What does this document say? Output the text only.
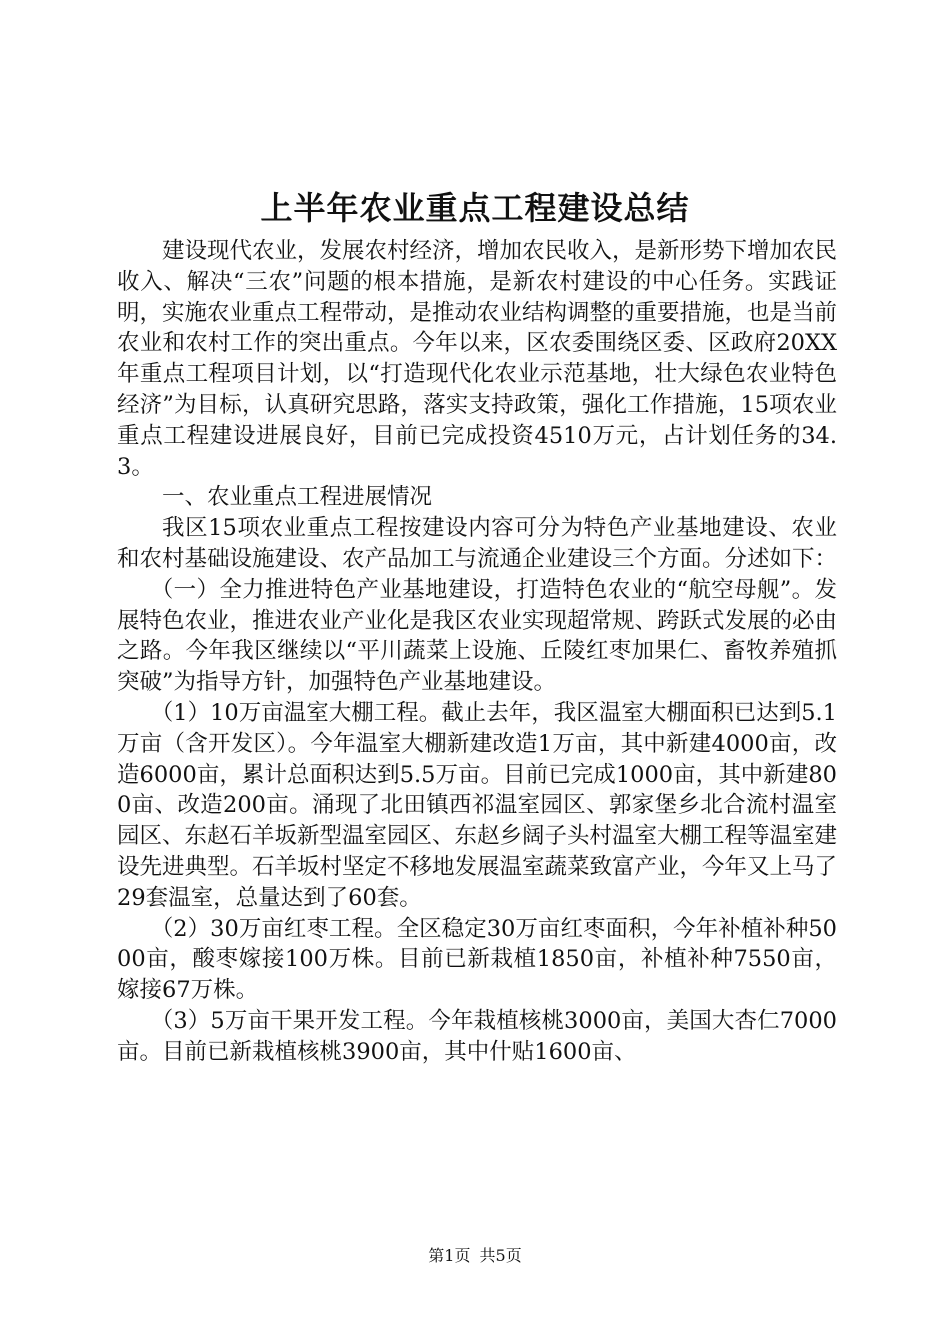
上半年农业重点工程建设总结

建设现代农业，发展农村经济，增加农民收入，是新形势下增加农民收入、解决“三农”问题的根本措施，是新农村建设的中心任务。实践证明，实施农业重点工程带动，是推动农业结构调整的重要措施，也是当前农业和农村工作的突出重点。今年以来，区农委围绕区委、区政府20XX年重点工程项目计划，以“打造现代化农业示范基地，壮大绿色农业特色经济”为目标，认真研究思路，落实支持政策，强化工作措施，15项农业重点工程建设进展良好，目前已完成投资4510万元，占计划任务的34.3。

一、农业重点工程进展情况

我区15项农业重点工程按建设内容可分为特色产业基地建设、农业和农村基础设施建设、农产品加工与流通企业建设三个方面。分述如下：

（一）全力推进特色产业基地建设，打造特色农业的“航空母舰”。发展特色农业，推进农业产业化是我区农业实现超常规、跨跃式发展的必由之路。今年我区继续以“平川蔬菜上设施、丘陵红枣加果仁、畜牧养殖抓突破”为指导方针，加强特色产业基地建设。

（1）10万亩温室大棚工程。截止去年，我区温室大棚面积已达到5.1万亩（含开发区）。今年温室大棚新建改造1万亩，其中新建4000亩，改造6000亩，累计总面积达到5.5万亩。目前已完成1000亩，其中新建800亩、改造200亩。涌现了北田镇西祁温室园区、郭家堡乡北合流村温室园区、东赵石羊坂新型温室园区、东赵乡阔子头村温室大棚工程等温室建设先进典型。石羊坂村坚定不移地发展温室蔬菜致富产业，今年又上马了29套温室，总量达到了60套。

（2）30万亩红枣工程。全区稳定30万亩红枣面积，今年补植补种5000亩，酸枣嫁接100万株。目前已新栽植1850亩，补植补种7550亩，嫁接67万株。

（3）5万亩干果开发工程。今年栽植核桃3000亩，美国大杏仁7000亩。目前已新栽植核桃3900亩，其中什贴1600亩、

第1页 共5页
